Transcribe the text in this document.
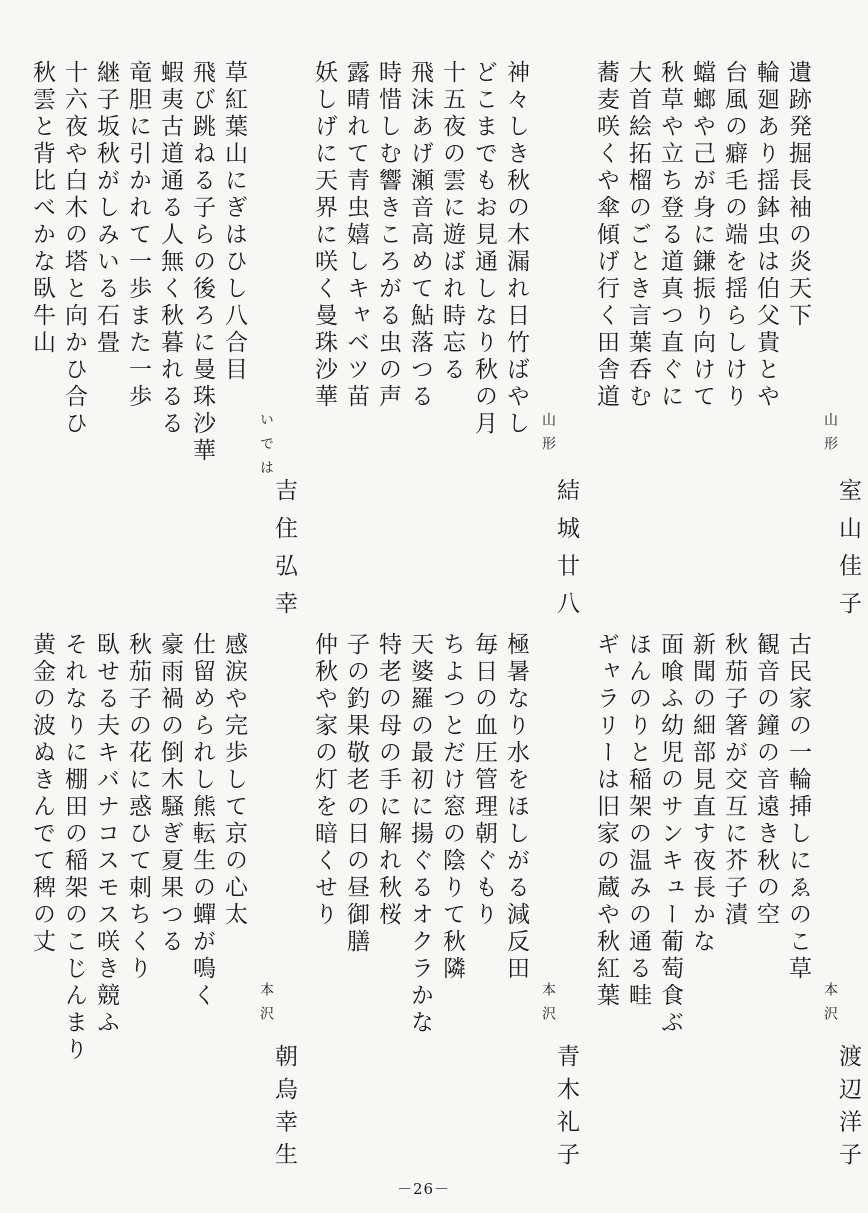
山形
室山佳子
遺跡発掘長袖の炎天下
輪廻あり揺鉢虫は伯父貴とや
台風の癖毛の端を揺らしけり
蟷螂や己が身に鎌振り向けて
秋草や立ち登る道真つ直ぐに
大首絵拓榴のごとき言葉呑む
蕎麦咲くや傘傾げ行く田舎道
山形
結城廿八
神々しき秋の木漏れ日竹ばやし
どこまでもお見通しなり秋の月
十五夜の雲に遊ばれ時忘る
飛沫あげ瀬音高めて鮎落つる
時惜しむ響きころがる虫の声
露晴れて青虫嬉しキャベツ苗
妖しげに天界に咲く曼珠沙華
いでは
吉住弘幸
草紅葉山にぎはひし八合目
飛び跳ねる子らの後ろに曼珠沙華
蝦夷古道通る人無く秋暮れるる
竜胆に引かれて一歩また一歩
継子坂秋がしみいる石畳
十六夜や白木の塔と向かひ合ひ
秋雲と背比べかな臥牛山
本沢
渡辺洋子
古民家の一輪挿しにゑのこ草
観音の鐘の音遠き秋の空
秋茄子箸が交互に芥子漬
新聞の細部見直す夜長かな
面喰ふ幼児のサンキュー葡萄食ぶ
ほんのりと稲架の温みの通る畦
ギャラリーは旧家の蔵や秋紅葉
本沢
青木礼子
極暑なり水をほしがる減反田
毎日の血圧管理朝ぐもり
ちよつとだけ窓の陰りて秋隣
天婆羅の最初に揚ぐるオクラかな
特老の母の手に解れ秋桜
子の釣果敬老の日の昼御膳
仲秋や家の灯を暗くせり
本沢
朝烏幸生
感涙や完歩して京の心太
仕留められし熊転生の蟬が鳴く
豪雨禍の倒木騒ぎ夏果つる
秋茄子の花に惑ひて刺ちくり
臥せる夫キバナコスモス咲き競ふ
それなりに棚田の稲架のこじんまり
黄金の波ぬきんでて稗の丈
－26－
